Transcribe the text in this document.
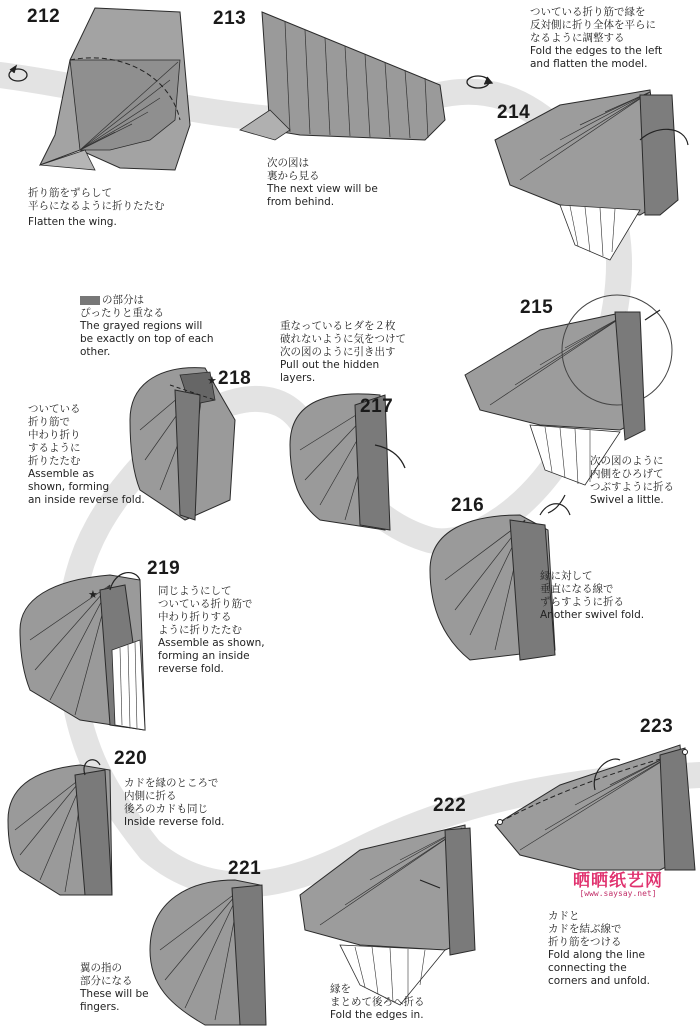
★
★
212	213
214
215
216
217
218
219
220
221
222
223
折り筋をずらして
平らになるように折りたたむ
Flatten the wing.
次の図は
裏から見る
The next view will be
from behind.
ついている折り筋で縁を
反対側に折り全体を平らに
なるように調整する
Fold the edges to the left
and flatten the model.
次の図のように
内側をひろげて
つぶすように折る
Swivel a little.
縁に対して
垂直になる線で
ずらすように折る
Another swivel fold.
重なっているヒダを２枚
破れないように気をつけて
次の図のように引き出す
Pull out the hidden
layers.
の部分は
ぴったりと重なる
The grayed regions will
be exactly on top of each
other.
ついている
折り筋で
中わり折り
するように
折りたたむ
Assemble as
shown, forming
an inside reverse fold.
同じようにして
ついている折り筋で
中わり折りする
ように折りたたむ
Assemble as shown,
forming an inside
reverse fold.
カドを縁のところで
内側に折る
後ろのカドも同じ
Inside reverse fold.
翼の指の
部分になる
These will be
fingers.
縁を
まとめて後ろへ折る
Fold the edges in.
カドと
カドを結ぶ線で
折り筋をつける
Fold along the line
connecting the
corners and unfold.
晒晒纸艺网
[www.saysay.net]
